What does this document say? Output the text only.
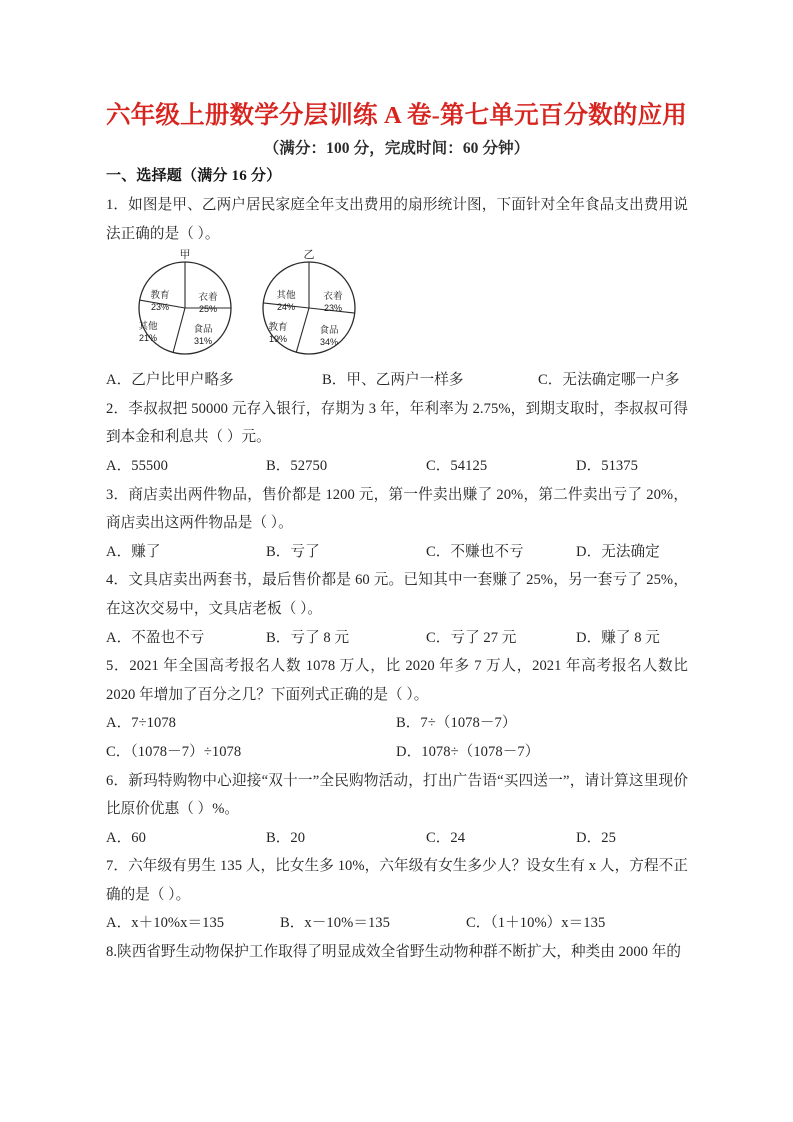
六年级上册数学分层训练 A 卷-第七单元百分数的应用
（满分：100 分，完成时间：60 分钟）

一、选择题（满分 16 分）

1．如图是甲、乙两户居民家庭全年支出费用的扇形统计图，下面针对全年食品支出费用说法正确的是（ ）。

甲
教育
23%
衣着
25%
其他
21%
食品
31%
乙
其他
24%
衣着
23%
教育
19%
食品
34%
A．乙户比甲户略多	B．甲、乙两户一样多	C．无法确定哪一户多

2．李叔叔把 50000 元存入银行，存期为 3 年，年利率为 2.75%，到期支取时，李叔叔可得到本金和利息共（ ）元。

A．55500	B．52750	C．54125	D．51375

3．商店卖出两件物品，售价都是 1200 元，第一件卖出赚了 20%，第二件卖出亏了 20%，商店卖出这两件物品是（ ）。

A．赚了	B．亏了	C．不赚也不亏	D．无法确定

4．文具店卖出两套书，最后售价都是 60 元。已知其中一套赚了 25%，另一套亏了 25%，在这次交易中，文具店老板（ ）。

A．不盈也不亏	B．亏了 8 元	C．亏了 27 元	D．赚了 8 元

5．2021 年全国高考报名人数 1078 万人，比 2020 年多 7 万人，2021 年高考报名人数比 2020 年增加了百分之几？下面列式正确的是（ ）。

A．7÷1078	B．7÷（1078－7）
C．（1078－7）÷1078	D．1078÷（1078－7）

6．新玛特购物中心迎接“双十一”全民购物活动，打出广告语“买四送一”，请计算这里现价比原价优惠（ ）%。

A．60	B．20	C．24	D．25

7．六年级有男生 135 人，比女生多 10%，六年级有女生多少人？设女生有 x 人，方程不正确的是（ ）。

A．x＋10%x＝135	B．x－10%＝135	C．（1＋10%）x＝135

8.陕西省野生动物保护工作取得了明显成效全省野生动物种群不断扩大，种类由 2000 年的
